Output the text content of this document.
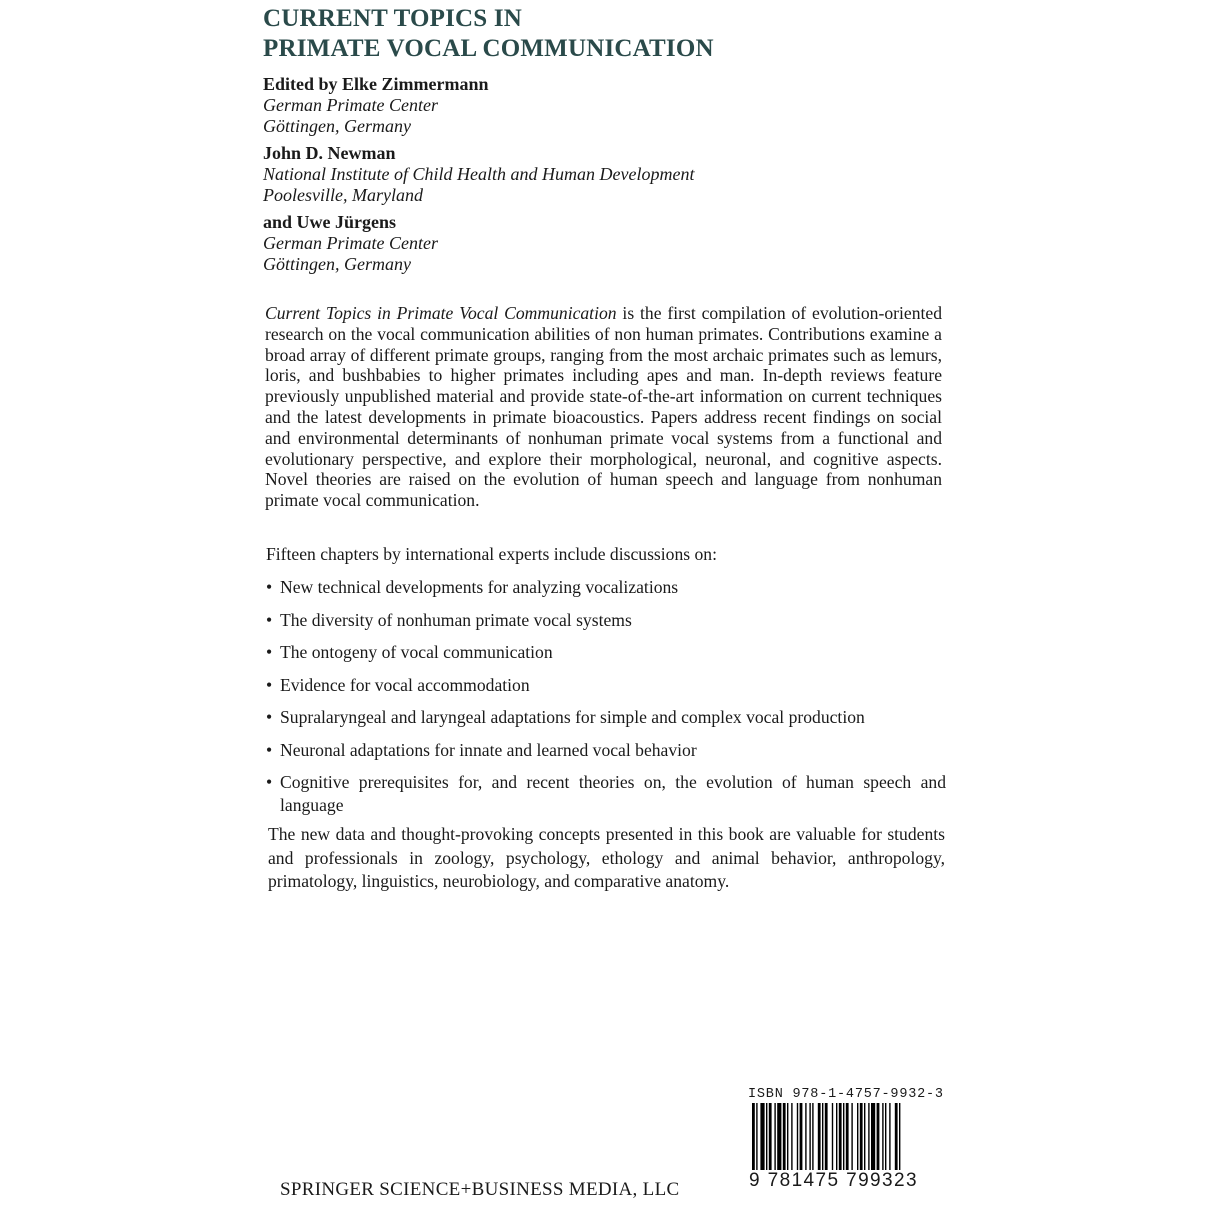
CURRENT TOPICS IN
PRIMATE VOCAL COMMUNICATION
Edited by Elke Zimmermann
German Primate Center
Göttingen, Germany
John D. Newman
National Institute of Child Health and Human Development
Poolesville, Maryland
and Uwe Jürgens
German Primate Center
Göttingen, Germany
Current Topics in Primate Vocal Communication is the first compilation of evolution-oriented research on the vocal communication abilities of non human primates. Contributions examine a broad array of different primate groups, ranging from the most archaic primates such as lemurs, loris, and bushbabies to higher primates including apes and man. In-depth reviews feature previously unpublished material and provide state-of-the-art information on current techniques and the latest developments in primate bioacoustics. Papers address recent findings on social and environmental determinants of nonhuman primate vocal systems from a functional and evolutionary perspective, and explore their morphological, neuronal, and cognitive aspects. Novel theories are raised on the evolution of human speech and language from nonhuman primate vocal communication.
Fifteen chapters by international experts include discussions on:
• New technical developments for analyzing vocalizations
• The diversity of nonhuman primate vocal systems
• The ontogeny of vocal communication
• Evidence for vocal accommodation
• Supralaryngeal and laryngeal adaptations for simple and complex vocal production
• Neuronal adaptations for innate and learned vocal behavior
• Cognitive prerequisites for, and recent theories on, the evolution of human speech and language
The new data and thought-provoking concepts presented in this book are valuable for students and professionals in zoology, psychology, ethology and animal behavior, anthropology, primatology, linguistics, neurobiology, and comparative anatomy.
ISBN 978-1-4757-9932-3
9 781475 799323
SPRINGER SCIENCE+BUSINESS MEDIA, LLC
